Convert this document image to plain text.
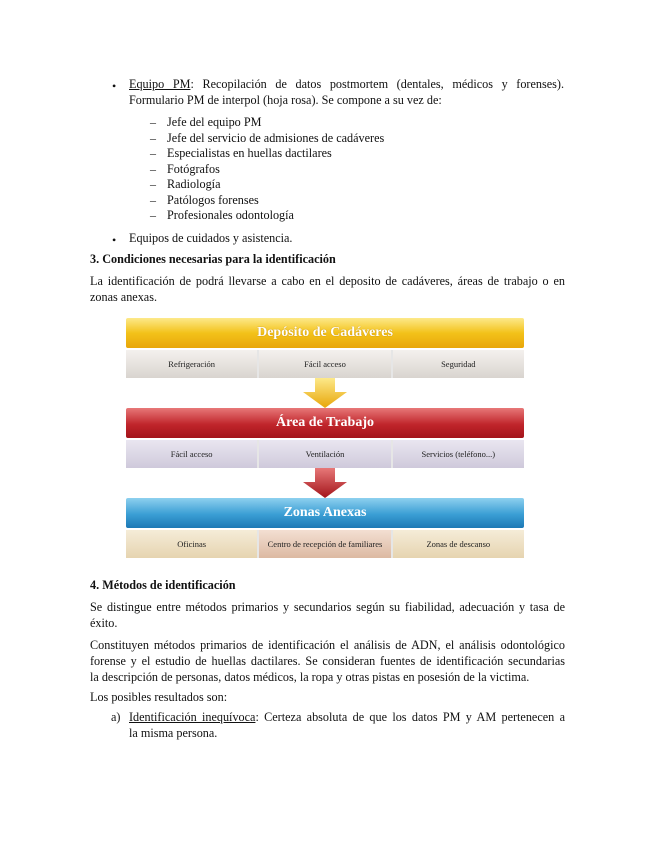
• Equipo PM: Recopilación de datos postmortem (dentales, médicos y forenses).
Formulario PM de interpol (hoja rosa). Se compone a su vez de:
– Jefe del equipo PM
– Jefe del servicio de admisiones de cadáveres
– Especialistas en huellas dactilares
– Fotógrafos
– Radiología
– Patólogos forenses
– Profesionales odontología
• Equipos de cuidados y asistencia.
3. Condiciones necesarias para la identificación
La identificación de podrá llevarse a cabo en el deposito de cadáveres, áreas de trabajo o en
zonas anexas.
Depósito de Cadáveres
Refrigeración	Fácil acceso	Seguridad
Área de Trabajo
Fácil acceso	Ventilación	Servicios (teléfono...)
Zonas Anexas
Oficinas	Centro de recepción de familiares	Zonas de descanso
4. Métodos de identificación
Se distingue entre métodos primarios y secundarios según su fiabilidad, adecuación y tasa de
éxito.
Constituyen métodos primarios de identificación el análisis de ADN, el análisis odontológico
forense y el estudio de huellas dactilares. Se consideran fuentes de identificación secundarias
la descripción de personas, datos médicos, la ropa y otras pistas en posesión de la victima.
Los posibles resultados son:
a) Identificación inequívoca: Certeza absoluta de que los datos PM y AM pertenecen a
la misma persona.
